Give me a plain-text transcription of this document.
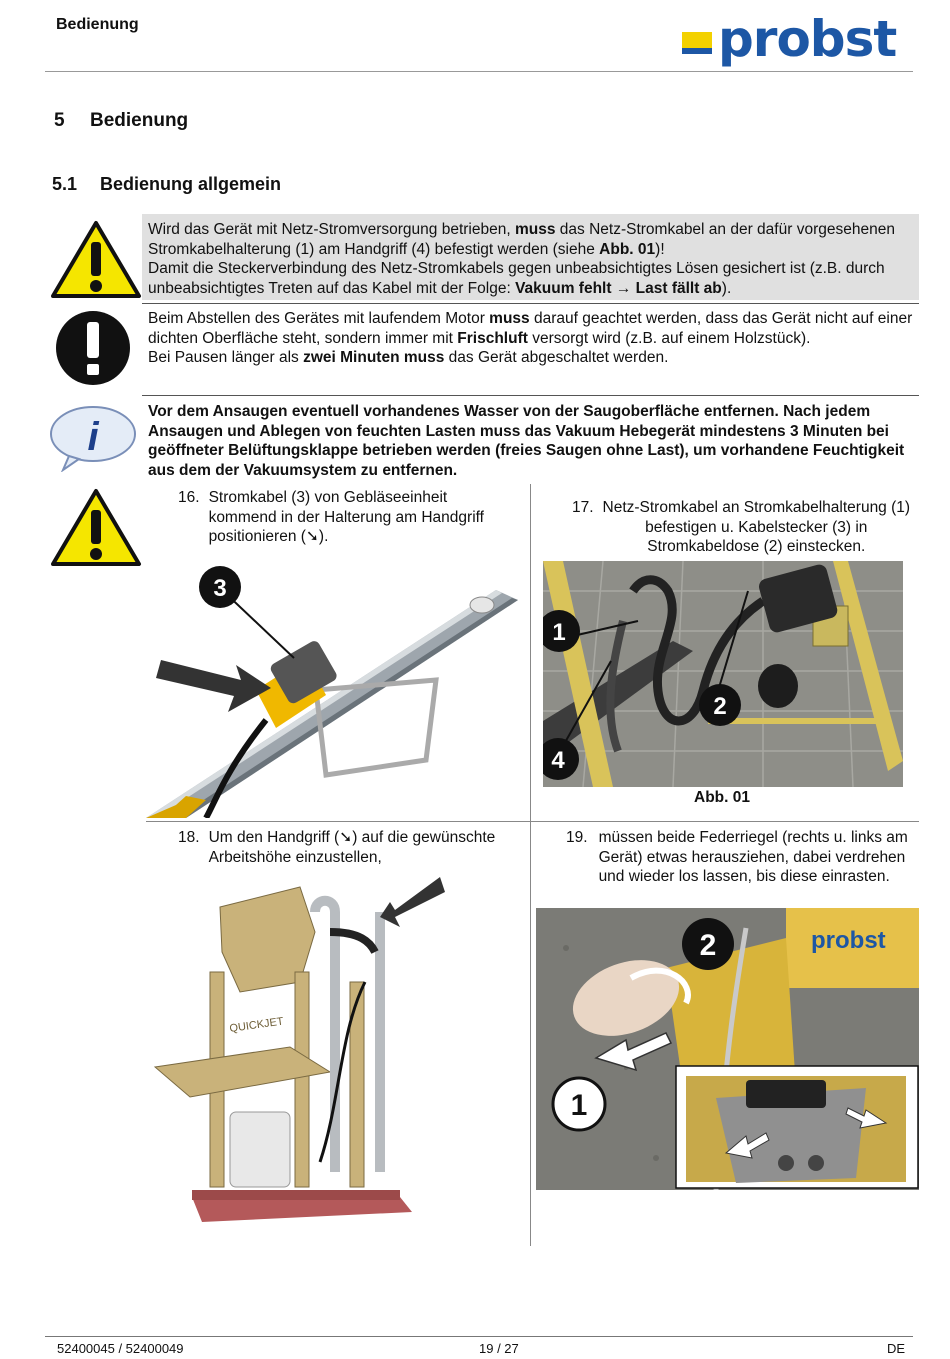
Bedienung	probst
5 Bedienung
5.1 Bedienung allgemein
Wird das Gerät mit Netz-Stromversorgung betrieben, muss das Netz-Stromkabel an der dafür vorgesehenen Stromkabelhalterung (1) am Handgriff (4) befestigt werden (siehe Abb. 01)!
Damit die Steckerverbindung des Netz-Stromkabels gegen unbeabsichtigtes Lösen gesichert ist (z.B. durch unbeabsichtigtes Treten auf das Kabel mit der Folge: Vakuum fehlt → Last fällt ab).
Beim Abstellen des Gerätes mit laufendem Motor muss darauf geachtet werden, dass das Gerät nicht auf einer dichten Oberfläche steht, sondern immer mit Frischluft versorgt wird (z.B. auf einem Holzstück).
Bei Pausen länger als zwei Minuten muss das Gerät abgeschaltet werden.
i
Vor dem Ansaugen eventuell vorhandenes Wasser von der Saugoberfläche entfernen. Nach jedem Ansaugen und Ablegen von feuchten Lasten muss das Vakuum Hebegerät mindestens 3 Minuten bei geöffneter Belüftungsklappe betrieben werden (freies Saugen ohne Last), um vorhandene Feuchtigkeit aus dem der Vakuumsystem zu entfernen.
16.	Stromkabel (3) von Gebläseeinheit kommend in der Halterung am Handgriff positionieren (➘).
17.	Netz-Stromkabel an Stromkabelhalterung (1) befestigen u. Kabelstecker (3) in Stromkabeldose (2) einstecken.
3
1
2
4
Abb. 01
18.	Um den Handgriff (➘) auf die gewünschte Arbeitshöhe einzustellen,
19.	müssen beide Federriegel (rechts u. links am Gerät) etwas herausziehen, dabei verdrehen und wieder los lassen, bis diese einrasten.
QUICKJET
probst
2
1
52400045 / 52400049	19 / 27	DE
